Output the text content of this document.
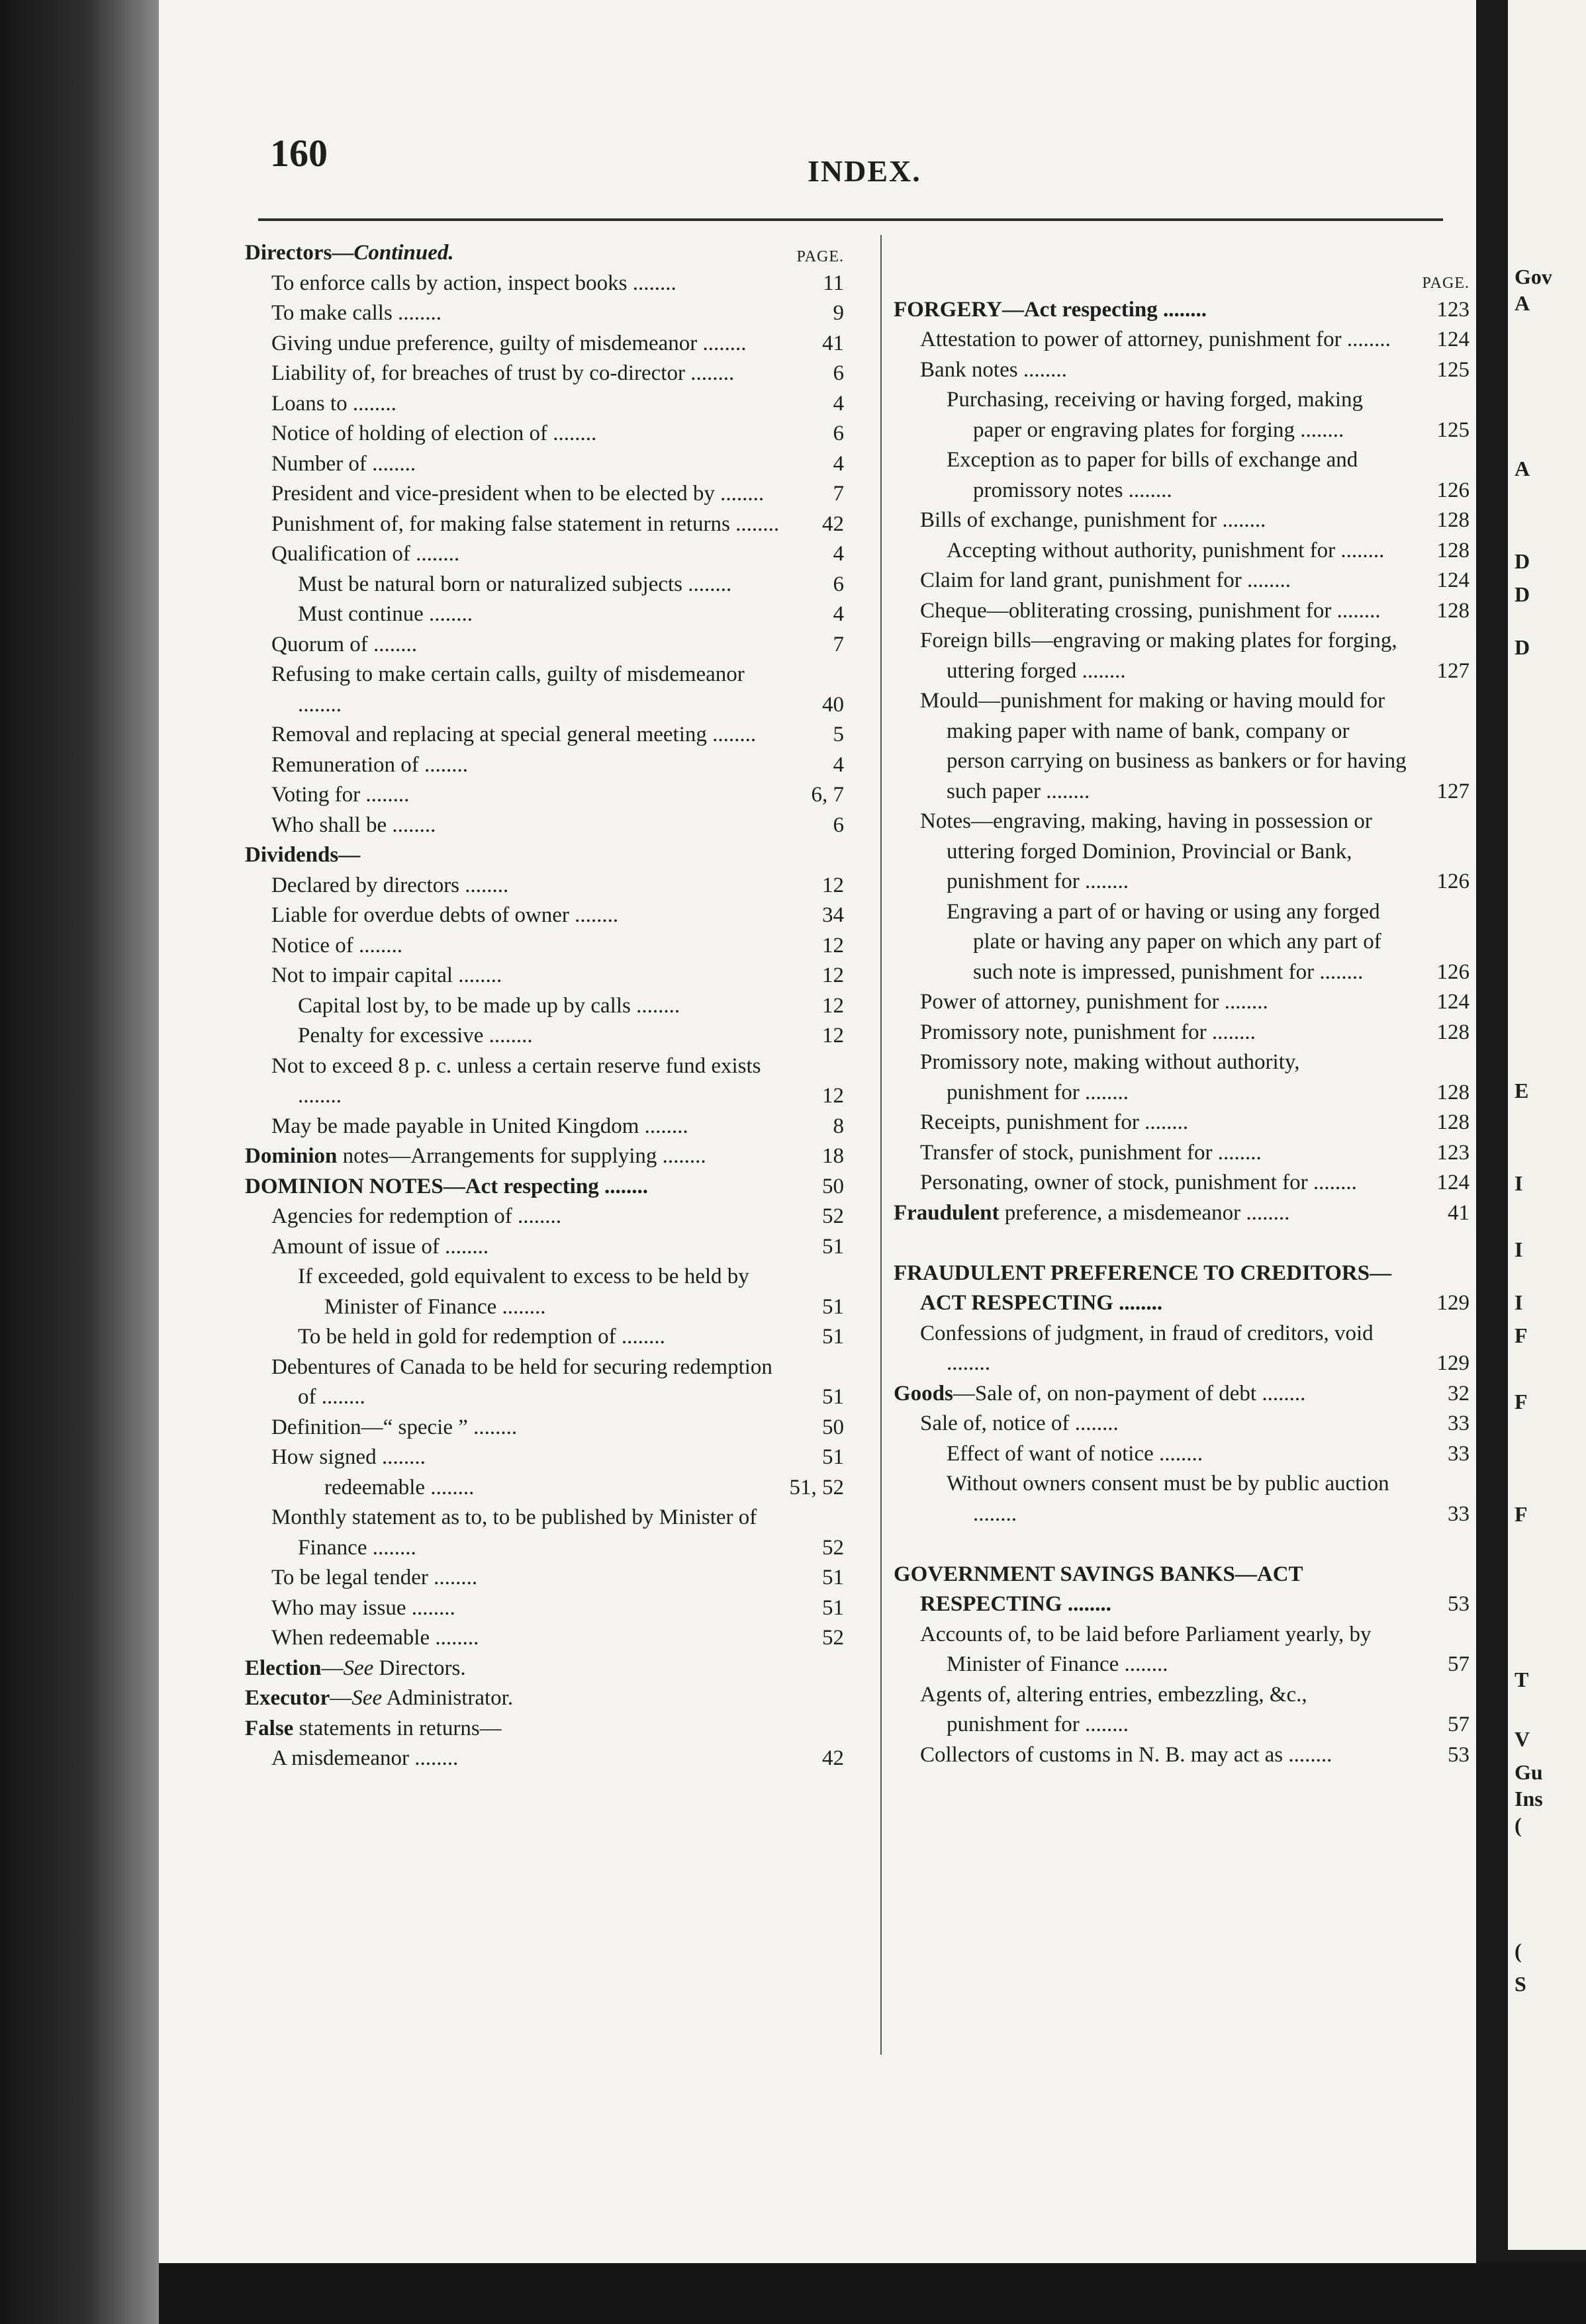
160	INDEX.
Directors—Continued.	PAGE.
To enforce calls by action, inspect books ........	11
To make calls ........	9
Giving undue preference, guilty of misdemeanor ........	41
Liability of, for breaches of trust by co-director ........	6
Loans to ........	4
Notice of holding of election of ........	6
Number of ........	4
President and vice-president when to be elected by ........	7
Punishment of, for making false statement in returns ........	42
Qualification of ........	4
Must be natural born or naturalized subjects ........	6
Must continue ........	4
Quorum of ........	7
Refusing to make certain calls, guilty of misdemeanor ........	40
Removal and replacing at special general meeting ........	5
Remuneration of ........	4
Voting for ........	6, 7
Who shall be ........	6
Dividends—
Declared by directors ........	12
Liable for overdue debts of owner ........	34
Notice of ........	12
Not to impair capital ........	12
Capital lost by, to be made up by calls ........	12
Penalty for excessive ........	12
Not to exceed 8 p. c. unless a certain reserve fund exists ........	12
May be made payable in United Kingdom ........	8
Dominion notes—Arrangements for supplying ........	18
DOMINION NOTES—Act respecting ........	50
Agencies for redemption of ........	52
Amount of issue of ........	51
If exceeded, gold equivalent to excess to be held by Minister of Finance ........	51
To be held in gold for redemption of ........	51
Debentures of Canada to be held for securing redemption of ........	51
Definition—“ specie ” ........	50
How signed ........	51
redeemable ........	51, 52
Monthly statement as to, to be published by Minister of Finance ........	52
To be legal tender ........	51
Who may issue ........	51
When redeemable ........	52
Election—See Directors.
Executor—See Administrator.
False statements in returns—
A misdemeanor ........	42
PAGE.
FORGERY—Act respecting ........	123
Attestation to power of attorney, punishment for ........	124
Bank notes ........	125
Purchasing, receiving or having forged, making paper or engraving plates for forging ........	125
Exception as to paper for bills of exchange and promissory notes ........	126
Bills of exchange, punishment for ........	128
Accepting without authority, punishment for ........	128
Claim for land grant, punishment for ........	124
Cheque—obliterating crossing, punishment for ........	128
Foreign bills—engraving or making plates for forging, uttering forged ........	127
Mould—punishment for making or having mould for making paper with name of bank, company or person carrying on business as bankers or for having such paper ........	127
Notes—engraving, making, having in possession or uttering forged Dominion, Provincial or Bank, punishment for ........	126
Engraving a part of or having or using any forged plate or having any paper on which any part of such note is impressed, punishment for ........	126
Power of attorney, punishment for ........	124
Promissory note, punishment for ........	128
Promissory note, making without authority, punishment for ........	128
Receipts, punishment for ........	128
Transfer of stock, punishment for ........	123
Personating, owner of stock, punishment for ........	124
Fraudulent preference, a misdemeanor ........	41
FRAUDULENT PREFERENCE TO CREDITORS—ACT RESPECTING ........	129
Confessions of judgment, in fraud of creditors, void ........	129
Goods—Sale of, on non-payment of debt ........	32
Sale of, notice of ........	33
Effect of want of notice ........	33
Without owners consent must be by public auction ........	33
GOVERNMENT SAVINGS BANKS—ACT RESPECTING ........	53
Accounts of, to be laid before Parliament yearly, by Minister of Finance ........	57
Agents of, altering entries, embezzling, &c., punishment for ........	57
Collectors of customs in N. B. may act as ........	53
Gov
A
A
D
D
D
E
I
I
I
F
F
F
T
V
Gu
Ins
(
(
S
